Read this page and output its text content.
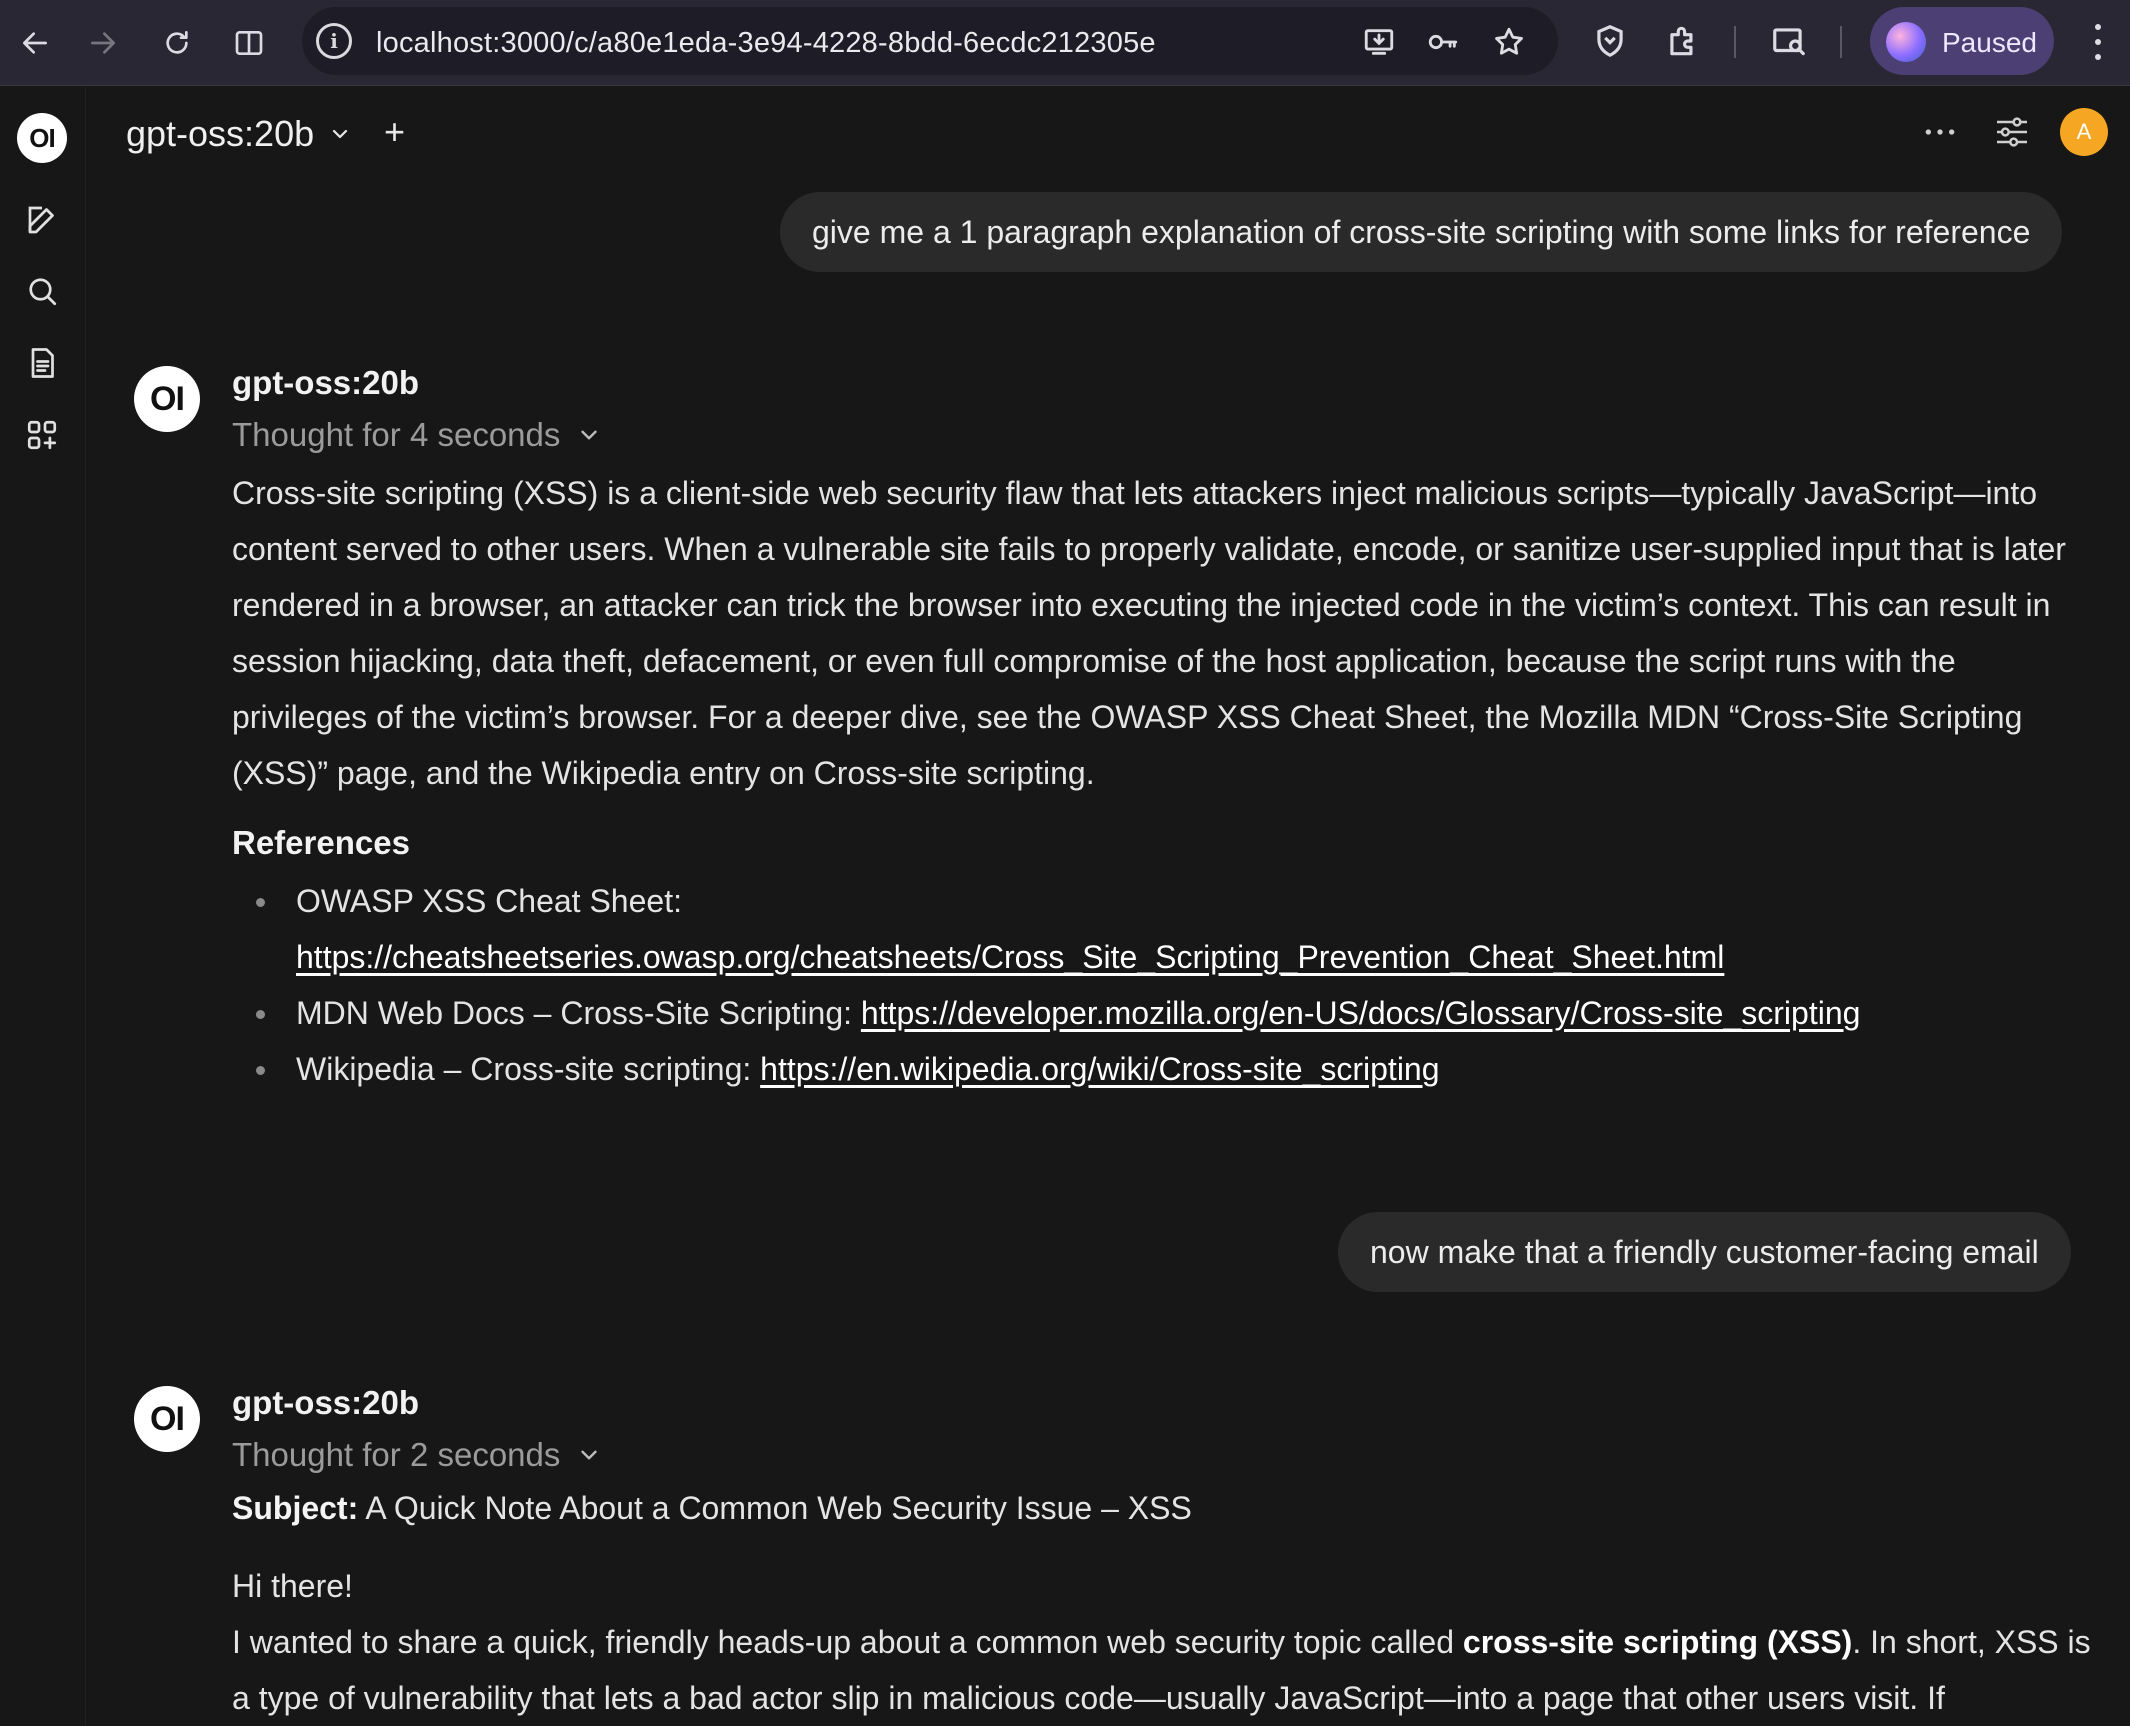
i	localhost:3000/c/a80e1eda-3e94-4228-8bdd-6ecdc212305e	Paused
OI	gpt-oss:20b +	A
give me a 1 paragraph explanation of cross-site scripting with some links for reference
OI	gpt-oss:20b
Thought for 4 seconds
Cross-site scripting (XSS) is a client-side web security flaw that lets attackers inject malicious scripts—typically JavaScript—into content served to other users. When a vulnerable site fails to properly validate, encode, or sanitize user-supplied input that is later rendered in a browser, an attacker can trick the browser into executing the injected code in the victim’s context. This can result in session hijacking, data theft, defacement, or even full compromise of the host application, because the script runs with the privileges of the victim’s browser. For a deeper dive, see the OWASP XSS Cheat Sheet, the Mozilla MDN “Cross-Site Scripting (XSS)” page, and the Wikipedia entry on Cross-site scripting.
References
OWASP XSS Cheat Sheet:
https://cheatsheetseries.owasp.org/cheatsheets/Cross_Site_Scripting_Prevention_Cheat_Sheet.html
MDN Web Docs – Cross-Site Scripting: https://developer.mozilla.org/en-US/docs/Glossary/Cross-site_scripting
Wikipedia – Cross-site scripting: https://en.wikipedia.org/wiki/Cross-site_scripting
now make that a friendly customer-facing email
OI	gpt-oss:20b
Thought for 2 seconds
Subject: A Quick Note About a Common Web Security Issue – XSS
Hi there!
I wanted to share a quick, friendly heads-up about a common web security topic called cross-site scripting (XSS). In short, XSS is a type of vulnerability that lets a bad actor slip in malicious code—usually JavaScript—into a page that other users visit. If
